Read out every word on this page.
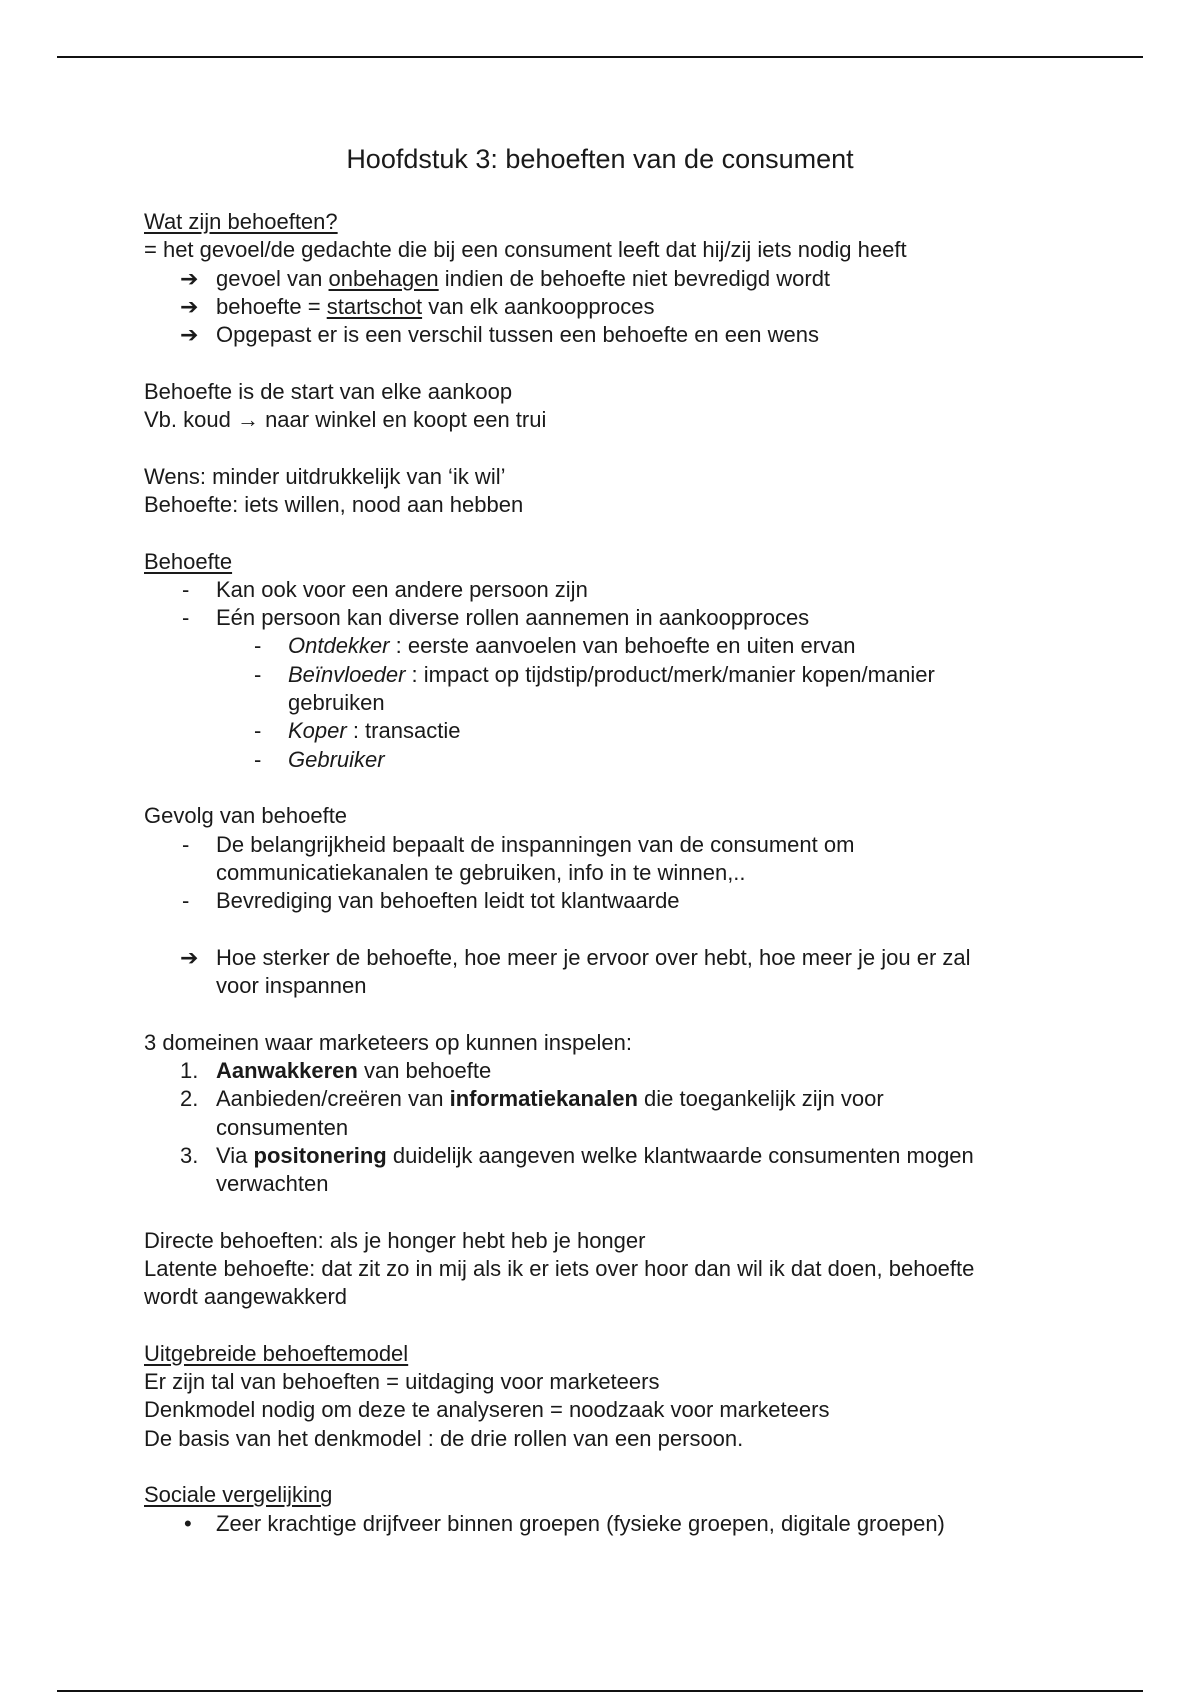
Hoofdstuk 3: behoeften van de consument
Wat zijn behoeften?
= het gevoel/de gedachte die bij een consument leeft dat hij/zij iets nodig heeft
➔ gevoel van onbehagen indien de behoefte niet bevredigd wordt
➔ behoefte = startschot van elk aankoopproces
➔ Opgepast er is een verschil tussen een behoefte en een wens
Behoefte is de start van elke aankoop
Vb. koud → naar winkel en koopt een trui
Wens: minder uitdrukkelijk van ‘ik wil’
Behoefte: iets willen, nood aan hebben
Behoefte
- Kan ook voor een andere persoon zijn
- Eén persoon kan diverse rollen aannemen in aankoopproces
- Ontdekker : eerste aanvoelen van behoefte en uiten ervan
- Beïnvloeder : impact op tijdstip/product/merk/manier kopen/manier
gebruiken
- Koper : transactie
- Gebruiker
Gevolg van behoefte
- De belangrijkheid bepaalt de inspanningen van de consument om
communicatiekanalen te gebruiken, info in te winnen,..
- Bevrediging van behoeften leidt tot klantwaarde
➔ Hoe sterker de behoefte, hoe meer je ervoor over hebt, hoe meer je jou er zal
voor inspannen
3 domeinen waar marketeers op kunnen inspelen:
1. Aanwakkeren van behoefte
2. Aanbieden/creëren van informatiekanalen die toegankelijk zijn voor
consumenten
3. Via positonering duidelijk aangeven welke klantwaarde consumenten mogen
verwachten
Directe behoeften: als je honger hebt heb je honger
Latente behoefte: dat zit zo in mij als ik er iets over hoor dan wil ik dat doen, behoefte
wordt aangewakkerd
Uitgebreide behoeftemodel
Er zijn tal van behoeften = uitdaging voor marketeers
Denkmodel nodig om deze te analyseren = noodzaak voor marketeers
De basis van het denkmodel : de drie rollen van een persoon.
Sociale vergelijking
• Zeer krachtige drijfveer binnen groepen (fysieke groepen, digitale groepen)
